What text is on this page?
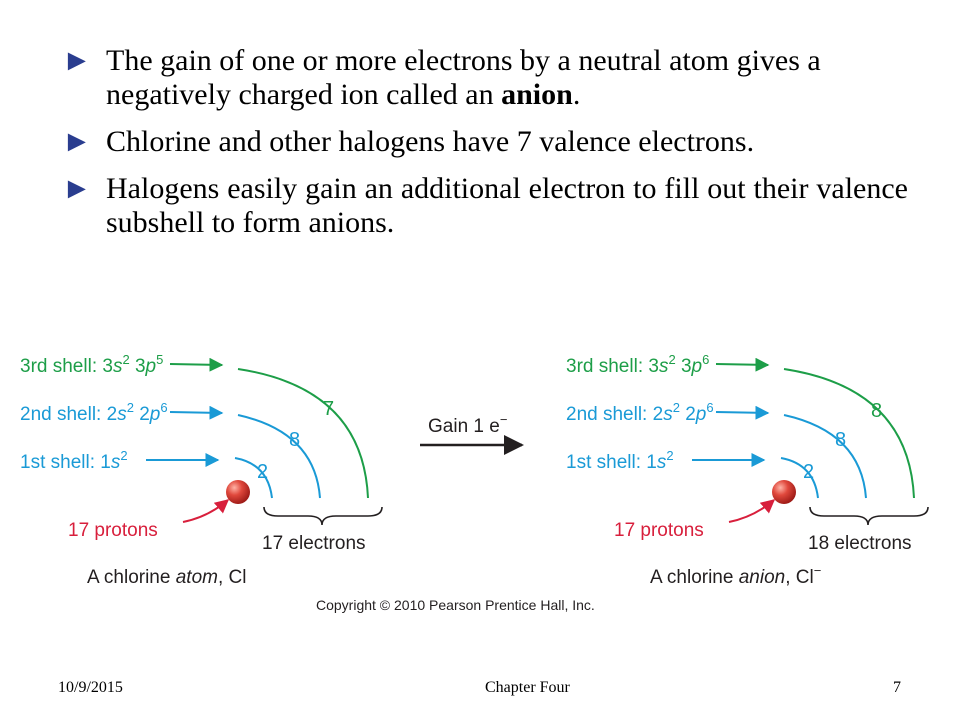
► The gain of one or more electrons by a neutral atom gives a negatively charged ion called an anion.
► Chlorine and other halogens have 7 valence electrons.
► Halogens easily gain an additional electron to fill out their valence subshell to form anions.
3rd shell: $3s^2$ $3p^5$
2nd shell: $2s^2$ $2p^6$
1st shell: $1s^2$
7
8
2
17 protons
17 electrons
A chlorine atom, Cl
Gain 1 e−
3rd shell: $3s^2$ $3p^6$
2nd shell: $2s^2$ $2p^6$
1st shell: $1s^2$
8
8
2
17 protons
18 electrons
A chlorine anion, Cl−
Copyright © 2010 Pearson Prentice Hall, Inc.
10/9/2015	Chapter Four	7
